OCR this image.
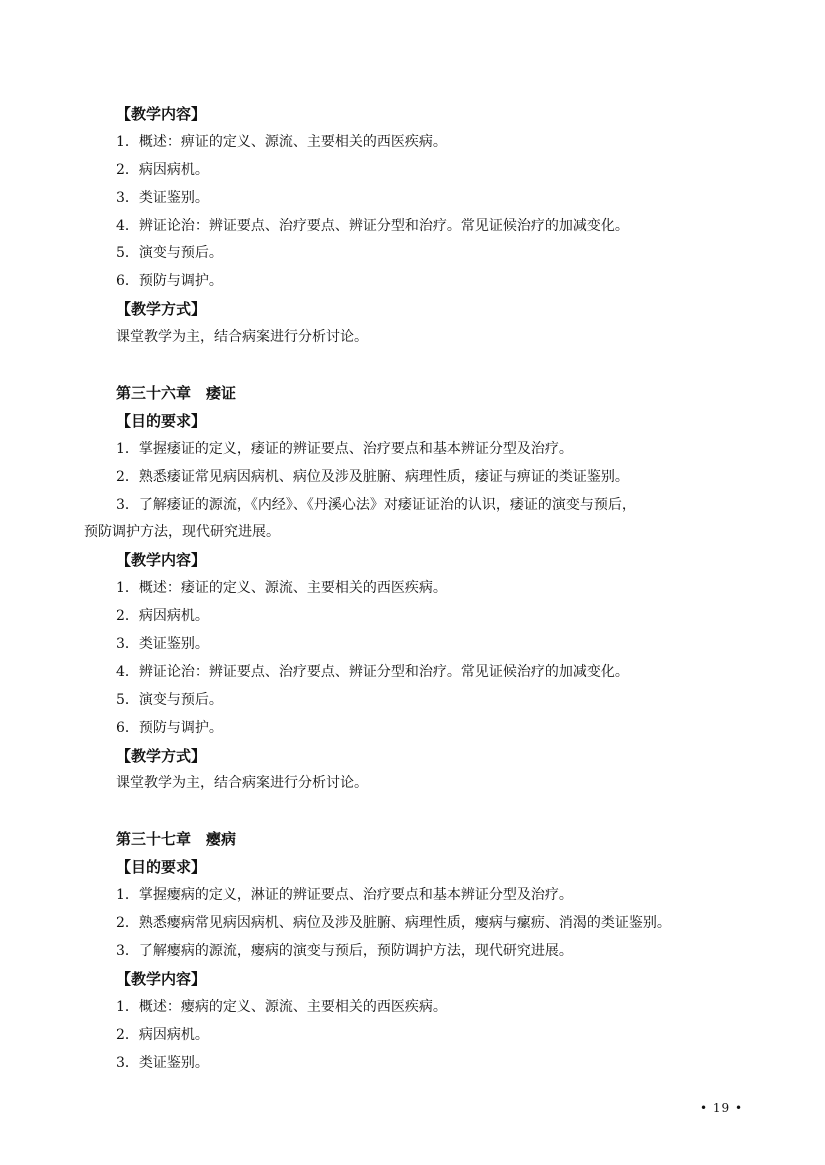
【教学内容】
1．概述：痹证的定义、源流、主要相关的西医疾病。
2．病因病机。
3．类证鉴别。
4．辨证论治：辨证要点、治疗要点、辨证分型和治疗。常见证候治疗的加减变化。
5．演变与预后。
6．预防与调护。
【教学方式】
课堂教学为主，结合病案进行分析讨论。
第三十六章　痿证
【目的要求】
1．掌握痿证的定义，痿证的辨证要点、治疗要点和基本辨证分型及治疗。
2．熟悉痿证常见病因病机、病位及涉及脏腑、病理性质，痿证与痹证的类证鉴别。
3．了解痿证的源流，《内经》、《丹溪心法》对痿证证治的认识，痿证的演变与预后，
预防调护方法，现代研究进展。
【教学内容】
1．概述：痿证的定义、源流、主要相关的西医疾病。
2．病因病机。
3．类证鉴别。
4．辨证论治：辨证要点、治疗要点、辨证分型和治疗。常见证候治疗的加减变化。
5．演变与预后。
6．预防与调护。
【教学方式】
课堂教学为主，结合病案进行分析讨论。
第三十七章　瘿病
【目的要求】
1．掌握瘿病的定义，淋证的辨证要点、治疗要点和基本辨证分型及治疗。
2．熟悉瘿病常见病因病机、病位及涉及脏腑、病理性质，瘿病与瘰疬、消渴的类证鉴别。
3．了解瘿病的源流，瘿病的演变与预后，预防调护方法，现代研究进展。
【教学内容】
1．概述：瘿病的定义、源流、主要相关的西医疾病。
2．病因病机。
3．类证鉴别。
• 19 •
